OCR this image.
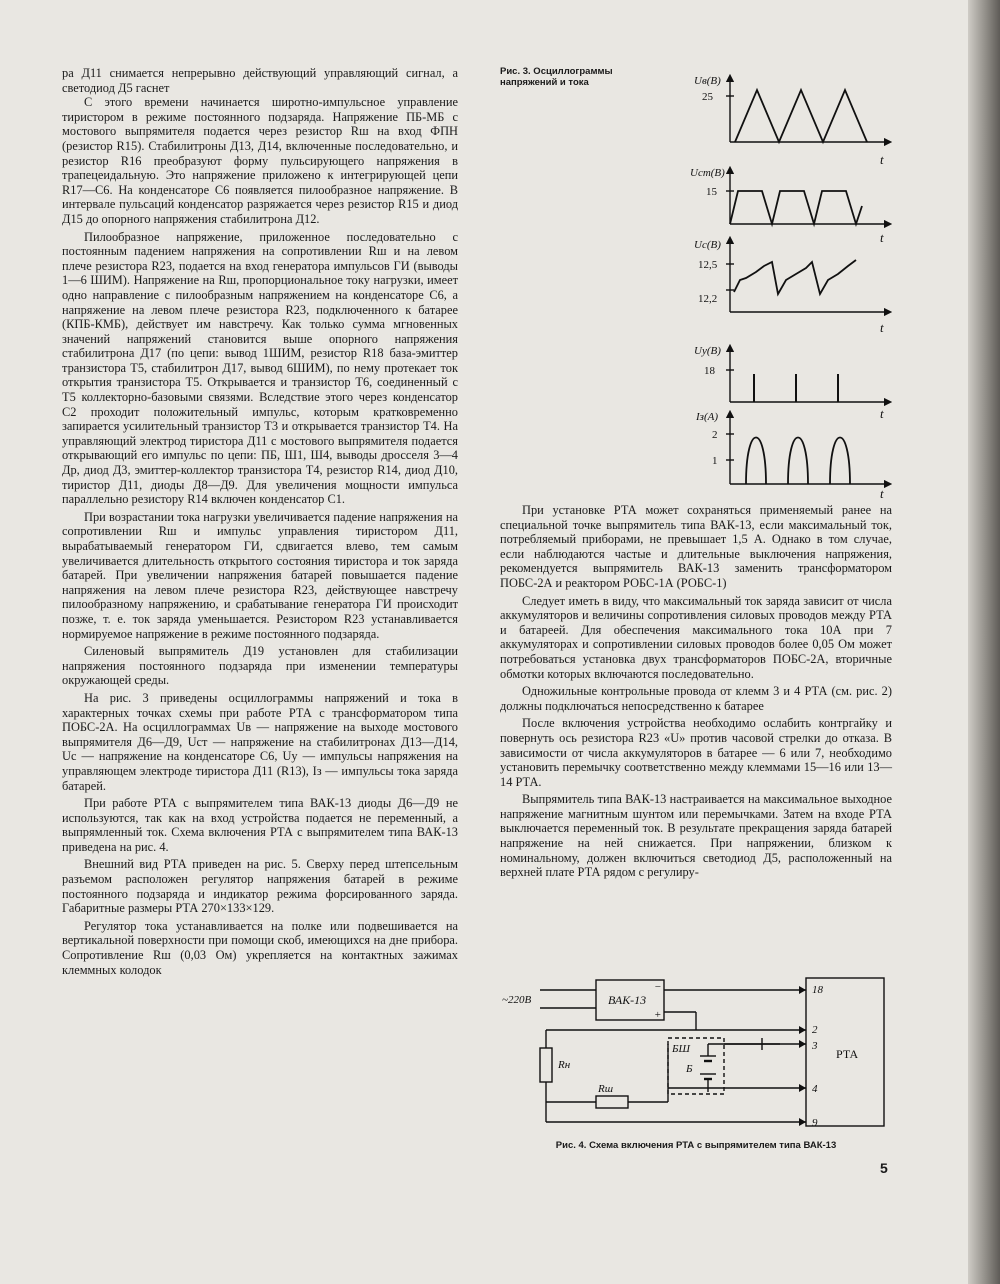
ра Д11 снимается непрерывно действующий управляющий сигнал, а светодиод Д5 гаснет

С этого времени начинается широтно-импульсное управление тиристором в режиме постоянного подзаряда. Напряжение ПБ-МБ с мостового выпрямителя подается через резистор Rш на вход ФПН (резистор R15). Стабилитроны Д13, Д14, включенные последовательно, и резистор R16 преобразуют форму пульсирующего напряжения в трапецеидальную. Это напряжение приложено к интегрирующей цепи R17—С6. На конденсаторе С6 появляется пилообразное напряжение. В интервале пульсаций конденсатор разряжается через резистор R15 и диод Д15 до опорного напряжения стабилитрона Д12.

Пилообразное напряжение, приложенное последовательно с постоянным падением напряжения на сопротивлении Rш и на левом плече резистора R23, подается на вход генератора импульсов ГИ (выводы 1—6 ШИМ). Напряжение на Rш, пропорциональное току нагрузки, имеет одно направление с пилообразным напряжением на конденсаторе С6, а напряжение на левом плече резистора R23, подключенного к батарее (КПБ-КМБ), действует им навстречу. Как только сумма мгновенных значений напряжений становится выше опорного напряжения стабилитрона Д17 (по цепи: вывод 1ШИМ, резистор R18 база-эмиттер транзистора Т5, стабилитрон Д17, вывод 6ШИМ), по нему протекает ток открытия транзистора Т5. Открывается и транзистор Т6, соединенный с Т5 коллекторно-базовыми связями. Вследствие этого через конденсатор С2 проходит положительный импульс, которым кратковременно запирается усилительный транзистор Т3 и открывается транзистор Т4. На управляющий электрод тиристора Д11 с мостового выпрямителя подается открывающий его импульс по цепи: ПБ, Ш1, Ш4, выводы дросселя 3—4 Др, диод Д3, эмиттер-коллектор транзистора Т4, резистор R14, диод Д10, тиристор Д11, диоды Д8—Д9. Для увеличения мощности импульса параллельно резистору R14 включен конденсатор С1.

При возрастании тока нагрузки увеличивается падение напряжения на сопротивлении Rш и импульс управления тиристором Д11, вырабатываемый генератором ГИ, сдвигается влево, тем самым увеличивается длительность открытого состояния тиристора и ток заряда батарей. При увеличении напряжения батарей повышается падение напряжения на левом плече резистора R23, действующее навстречу пилообразному напряжению, и срабатывание генератора ГИ происходит позже, т. е. ток заряда уменьшается. Резистором R23 устанавливается нормируемое напряжение в режиме постоянного подзаряда.

Силеновый выпрямитель Д19 установлен для стабилизации напряжения постоянного подзаряда при изменении температуры окружающей среды.

На рис. 3 приведены осциллограммы напряжений и тока в характерных точках схемы при работе РТА с трансформатором типа ПОБС-2А. На осциллограммах Uв — напряжение на выходе мостового выпрямителя Д6—Д9, Uст — напряжение на стабилитронах Д13—Д14, Uс — напряжение на конденсаторе С6, Uу — импульсы напряжения на управляющем электроде тиристора Д11 (R13), Iз — импульсы тока заряда батарей.

При работе РТА с выпрямителем типа ВАК-13 диоды Д6—Д9 не используются, так как на вход устройства подается не переменный, а выпрямленный ток. Схема включения РТА с выпрямителем типа ВАК-13 приведена на рис. 4.

Внешний вид РТА приведен на рис. 5. Сверху перед штепсельным разъемом расположен регулятор напряжения батарей в режиме постоянного подзаряда и индикатор режима форсированного заряда. Габаритные размеры РТА 270×133×129.

Регулятор тока устанавливается на полке или подвешивается на вертикальной поверхности при помощи скоб, имеющихся на дне прибора. Сопротивление Rш (0,03 Ом) укрепляется на контактных зажимах клеммных колодок

Рис. 3. Осциллограммы напряжений и тока	Uв(В)
25
t
Uст(В)
15
t
Uс(В)
12,5
12,2
t
Uу(В)
18
t
Iз(А)
2
1
t

При установке РТА может сохраняться применяемый ранее на специальной точке выпрямитель типа ВАК-13, если максимальный ток, потребляемый приборами, не превышает 1,5 А. Однако в том случае, если наблюдаются частые и длительные выключения напряжения, рекомендуется выпрямитель ВАК-13 заменить трансформатором ПОБС-2А и реактором РОБС-1А (РОБС-1)

Следует иметь в виду, что максимальный ток заряда зависит от числа аккумуляторов и величины сопротивления силовых проводов между РТА и батареей. Для обеспечения максимального тока 10А при 7 аккумуляторах и сопротивлении силовых проводов более 0,05 Ом может потребоваться установка двух трансформаторов ПОБС-2А, вторичные обмотки которых включаются последовательно.

Одножильные контрольные провода от клемм 3 и 4 РТА (см. рис. 2) должны подключаться непосредственно к батарее

После включения устройства необходимо ослабить контргайку и повернуть ось резистора R23 «U» против часовой стрелки до отказа. В зависимости от числа аккумуляторов в батарее — 6 или 7, необходимо установить перемычку соответственно между клеммами 15—16 или 13—14 РТА.

Выпрямитель типа ВАК-13 настраивается на максимальное выходное напряжение магнитным шунтом или перемычками. Затем на входе РТА выключается переменный ток. В результате прекращения заряда батарей напряжение на ней снижается. При напряжении, близком к номинальному, должен включиться светодиод Д5, расположенный на верхней плате РТА рядом с регулиру-

~220В	ВАК-13
−
+
РТА
БШ
Б
Rн
Rш
18
2
3
4
9
Рис. 4. Схема включения РТА с выпрямителем типа ВАК-13
5
